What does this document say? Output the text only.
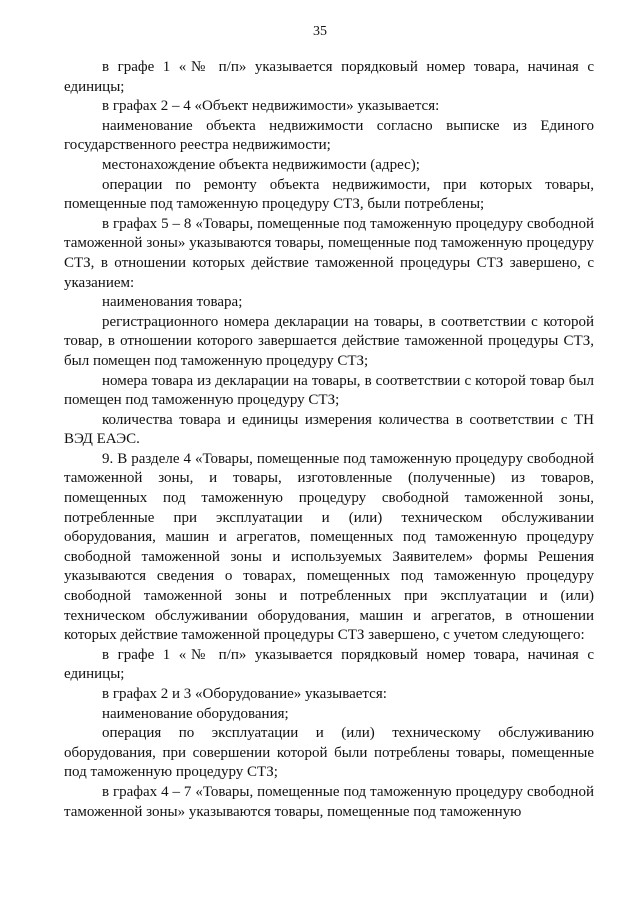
35

в графе 1 «№ п/п» указывается порядковый номер товара, начиная с единицы;

в графах 2 – 4 «Объект недвижимости» указывается:

наименование объекта недвижимости согласно выписке из Единого государственного реестра недвижимости;

местонахождение объекта недвижимости (адрес);

операции по ремонту объекта недвижимости, при которых товары, помещенные под таможенную процедуру СТЗ, были потреблены;

в графах 5 – 8 «Товары, помещенные под таможенную процедуру свободной таможенной зоны» указываются товары, помещенные под таможенную процедуру СТЗ, в отношении которых действие таможенной процедуры СТЗ завершено, с указанием:

наименования товара;

регистрационного номера декларации на товары, в соответствии с которой товар, в отношении которого завершается действие таможенной процедуры СТЗ, был помещен под таможенную процедуру СТЗ;

номера товара из декларации на товары, в соответствии с которой товар был помещен под таможенную процедуру СТЗ;

количества товара и единицы измерения количества в соответствии с ТН ВЭД ЕАЭС.

9. В разделе 4 «Товары, помещенные под таможенную процедуру свободной таможенной зоны, и товары, изготовленные (полученные) из товаров, помещенных под таможенную процедуру свободной таможенной зоны, потребленные при эксплуатации и (или) техническом обслуживании оборудования, машин и агрегатов, помещенных под таможенную процедуру свободной таможенной зоны и используемых Заявителем» формы Решения указываются сведения о товарах, помещенных под таможенную процедуру свободной таможенной зоны и потребленных при эксплуатации и (или) техническом обслуживании оборудования, машин и агрегатов, в отношении которых действие таможенной процедуры СТЗ завершено, с учетом следующего:

в графе 1 «№ п/п» указывается порядковый номер товара, начиная с единицы;

в графах 2 и 3 «Оборудование» указывается:

наименование оборудования;

операция по эксплуатации и (или) техническому обслуживанию оборудования, при совершении которой были потреблены товары, помещенные под таможенную процедуру СТЗ;

в графах 4 – 7 «Товары, помещенные под таможенную процедуру свободной таможенной зоны» указываются товары, помещенные под таможенную
